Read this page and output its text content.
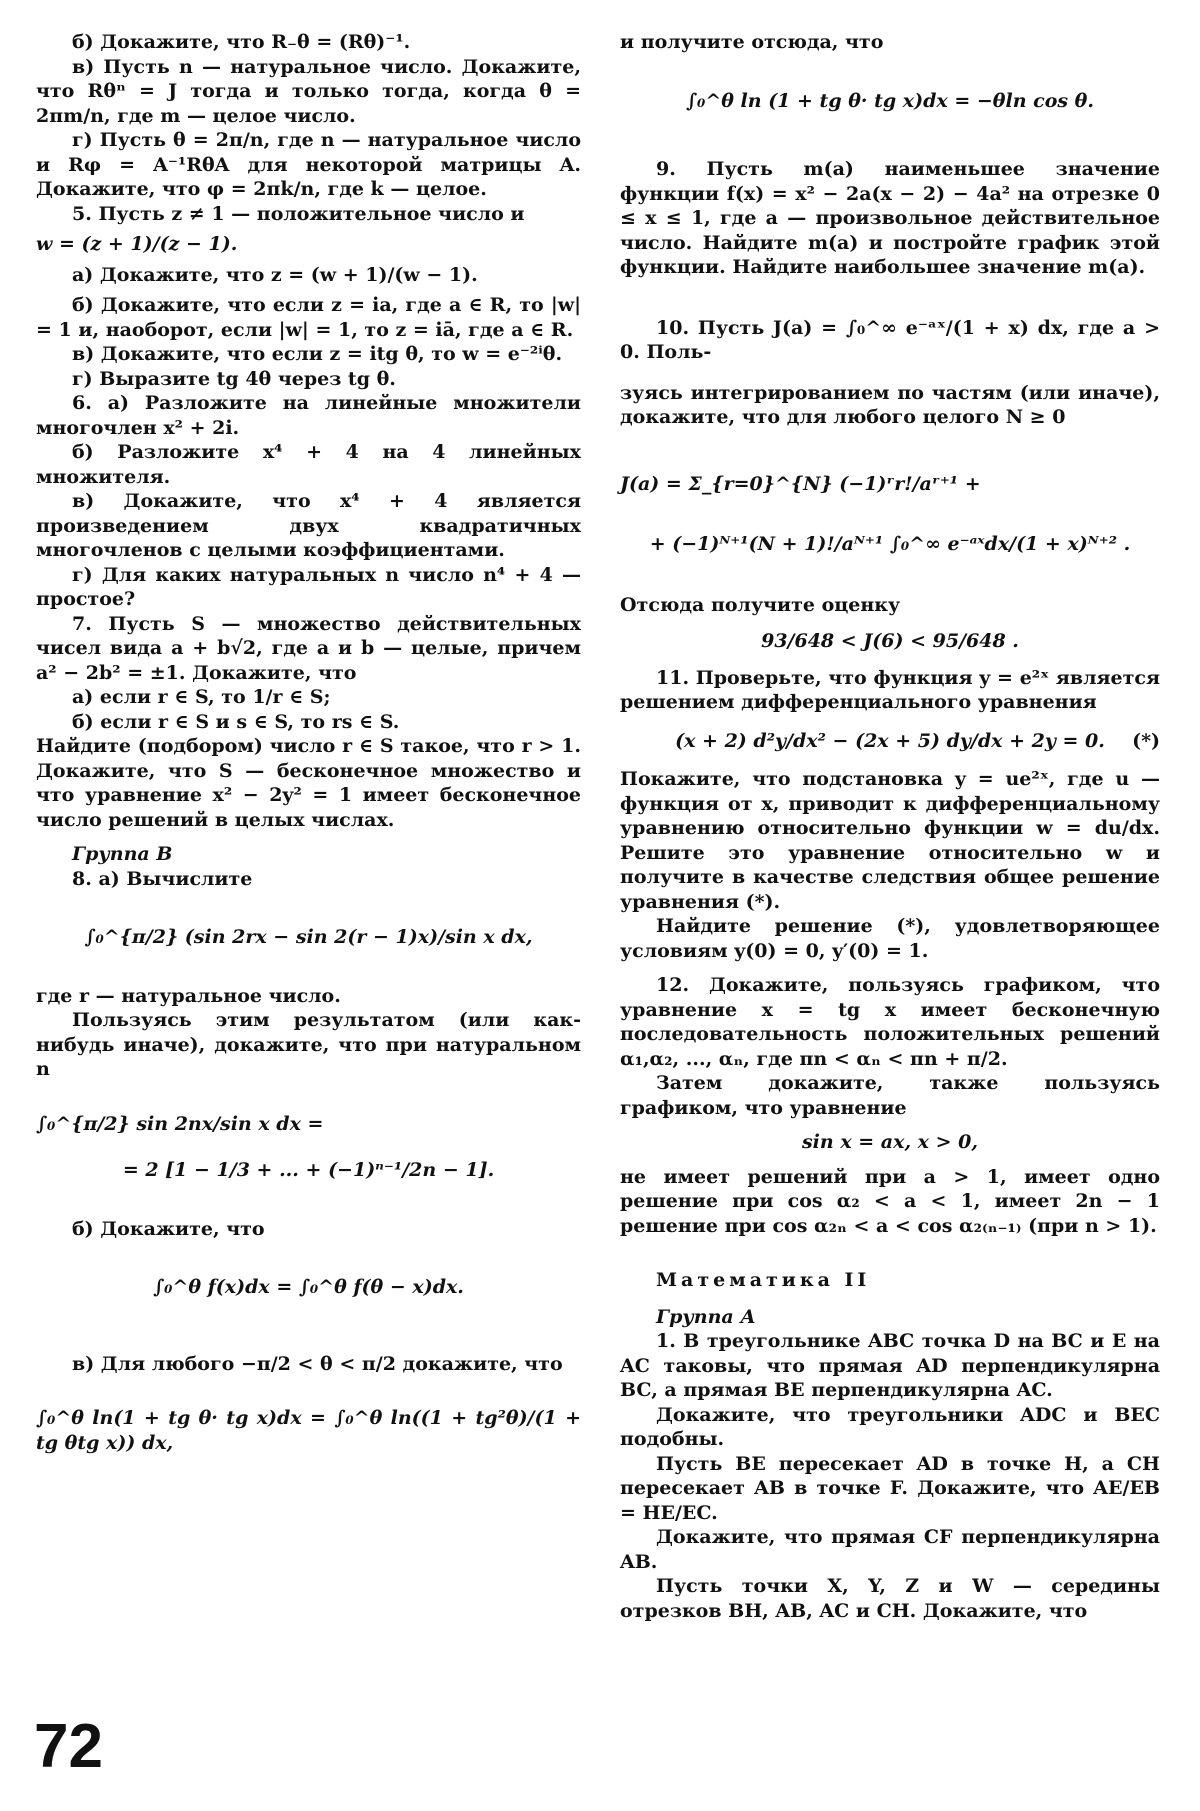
б) Докажите, что R₋θ = (Rθ)⁻¹.

в) Пусть n — натуральное число. Докажите, что Rθⁿ = J тогда и только тогда, когда θ = 2πm/n, где m — целое число.

г) Пусть θ = 2π/n, где n — натуральное число и Rφ = A⁻¹RθA для некоторой матрицы A. Докажите, что φ = 2πk/n, где k — целое.

5. Пусть z ≠ 1 — положительное число и

w = (z + 1)/(z − 1).

а) Докажите, что z = (w + 1)/(w − 1).

б) Докажите, что если z = ia, где a ∈ R, то |w| = 1 и, наоборот, если |w| = 1, то z = iā, где a ∈ R.

в) Докажите, что если z = itg θ, то w = e⁻²ⁱθ.

г) Выразите tg 4θ через tg θ.

6. а) Разложите на линейные множители многочлен x² + 2i.

б) Разложите x⁴ + 4 на 4 линейных множителя.

в) Докажите, что x⁴ + 4 является произведением двух квадратичных многочленов с целыми коэффициентами.

г) Для каких натуральных n число n⁴ + 4 — простое?

7. Пусть S — множество действительных чисел вида a + b√2, где a и b — целые, причем a² − 2b² = ±1. Докажите, что

а) если r ∈ S, то 1/r ∈ S;

б) если r ∈ S и s ∈ S, то rs ∈ S.

Найдите (подбором) число r ∈ S такое, что r > 1. Докажите, что S — бесконечное множество и что уравнение x² − 2y² = 1 имеет бесконечное число решений в целых числах.

Группа В

8. а) Вычислите

∫₀^{π/2} (sin 2rx − sin 2(r − 1)x)/sin x dx,

где r — натуральное число.

Пользуясь этим результатом (или как-нибудь иначе), докажите, что при натуральном n

∫₀^{π/2} sin 2nx/sin x dx =

= 2 [1 − 1/3 + ... + (−1)ⁿ⁻¹/2n − 1].

б) Докажите, что

∫₀^θ f(x)dx = ∫₀^θ f(θ − x)dx.

в) Для любого −π/2 < θ < π/2 докажите, что

∫₀^θ ln(1 + tg θ· tg x)dx = ∫₀^θ ln((1 + tg²θ)/(1 + tg θtg x)) dx,

и получите отсюда, что

∫₀^θ ln (1 + tg θ· tg x)dx = −θln cos θ.

9. Пусть m(a) наименьшее значение функции f(x) = x² − 2a(x − 2) − 4a² на отрезке 0 ≤ x ≤ 1, где a — произвольное действительное число. Найдите m(a) и постройте график этой функции. Найдите наибольшее значение m(a).

10. Пусть J(a) = ∫₀^∞ e⁻ᵃˣ/(1 + x) dx, где a > 0. Поль-

зуясь интегрированием по частям (или иначе), докажите, что для любого целого N ≥ 0

J(a) = Σ_{r=0}^{N} (−1)ʳr!/aʳ⁺¹ +

+ (−1)ᴺ⁺¹(N + 1)!/aᴺ⁺¹ ∫₀^∞ e⁻ᵃˣdx/(1 + x)ᴺ⁺² .

Отсюда получите оценку

93/648 < J(6) < 95/648 .

11. Проверьте, что функция y = e²ˣ является решением дифференциального уравнения

(x + 2) d²y/dx² − (2x + 5) dy/dx + 2y = 0.	(*)

Покажите, что подстановка y = ue²ˣ, где u — функция от x, приводит к дифференциальному уравнению относительно функции w = du/dx. Решите это уравнение относительно w и получите в качестве следствия общее решение уравнения (*).

Найдите решение (*), удовлетворяющее условиям y(0) = 0, y′(0) = 1.

12. Докажите, пользуясь графиком, что уравнение x = tg x имеет бесконечную последовательность положительных решений α₁,α₂, ..., αₙ, где πn < αₙ < πn + π/2.

Затем докажите, также пользуясь графиком, что уравнение

sin x = ax, x > 0,

не имеет решений при a > 1, имеет одно решение при cos α₂ < a < 1, имеет 2n − 1 решение при cos α₂ₙ < a < cos α₂₍ₙ₋₁₎ (при n > 1).

Математика II

Группа А

1. В треугольнике ABC точка D на BC и E на AC таковы, что прямая AD перпендикулярна BC, а прямая BE перпендикулярна AC.

Докажите, что треугольники ADC и BEC подобны.

Пусть BE пересекает AD в точке H, а CH пересекает AB в точке F. Докажите, что AE/EB = HE/EC.

Докажите, что прямая CF перпендикулярна AB.

Пусть точки X, Y, Z и W — середины отрезков BH, AB, AC и CH. Докажите, что

72
